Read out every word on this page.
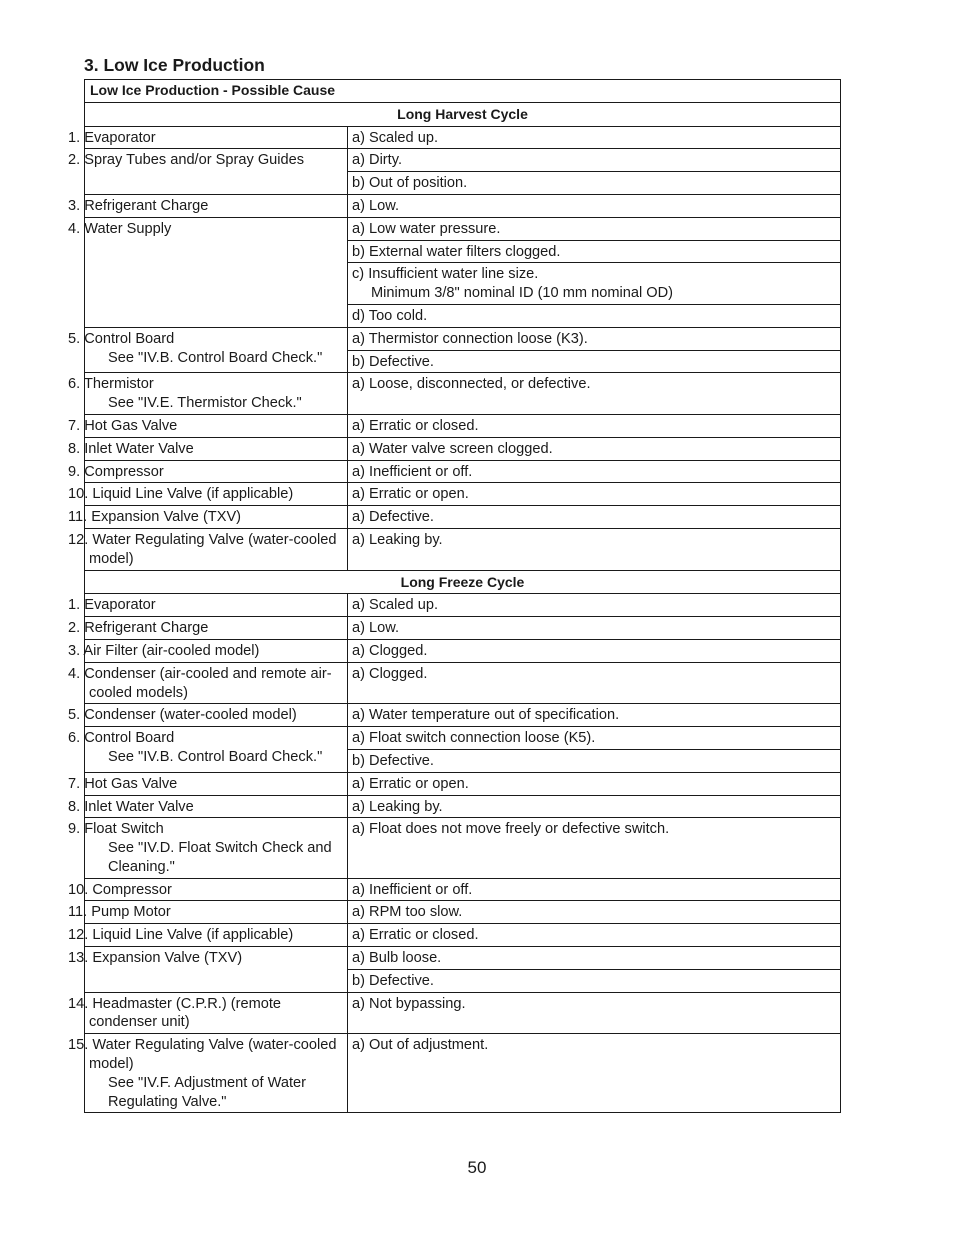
3. Low Ice Production
Low Ice Production - Possible Cause	
Long Harvest Cycle	
1. Evaporator	a) Scaled up.
2. Spray Tubes and/or Spray Guides	a) Dirty.
	b) Out of position.
3. Refrigerant Charge	a) Low.
4. Water Supply	a) Low water pressure.
	b) External water filters clogged.
	c) Insufficient water line size.
Minimum 3/8" nominal ID (10 mm nominal OD)
	d) Too cold.
5. Control Board
See "IV.B. Control Board Check."	a) Thermistor connection loose (K3).
	b) Defective.
6. Thermistor
See "IV.E. Thermistor Check."	a) Loose, disconnected, or defective.
7. Hot Gas Valve	a) Erratic or closed.
8. Inlet Water Valve	a) Water valve screen clogged.
9. Compressor	a) Inefficient or off.
10. Liquid Line Valve (if applicable)	a) Erratic or open.
11. Expansion Valve (TXV)	a) Defective.
12. Water Regulating Valve (water-cooled model)	a) Leaking by.
Long Freeze Cycle	
1. Evaporator	a) Scaled up.
2. Refrigerant Charge	a) Low.
3. Air Filter (air-cooled model)	a) Clogged.
4. Condenser (air-cooled and remote air-cooled models)	a) Clogged.
5. Condenser (water-cooled model)	a) Water temperature out of specification.
6. Control Board
See "IV.B. Control Board Check."	a) Float switch connection loose (K5).
	b) Defective.
7. Hot Gas Valve	a) Erratic or open.
8. Inlet Water Valve	a) Leaking by.
9. Float Switch
See "IV.D. Float Switch Check and Cleaning."	a) Float does not move freely or defective switch.
10. Compressor	a) Inefficient or off.
11. Pump Motor	a) RPM too slow.
12. Liquid Line Valve (if applicable)	a) Erratic or closed.
13. Expansion Valve (TXV)	a) Bulb loose.
	b) Defective.
14. Headmaster (C.P.R.) (remote condenser unit)	a) Not bypassing.
15. Water Regulating Valve (water-cooled model)
See "IV.F. Adjustment of Water Regulating Valve."	a) Out of adjustment.

50
